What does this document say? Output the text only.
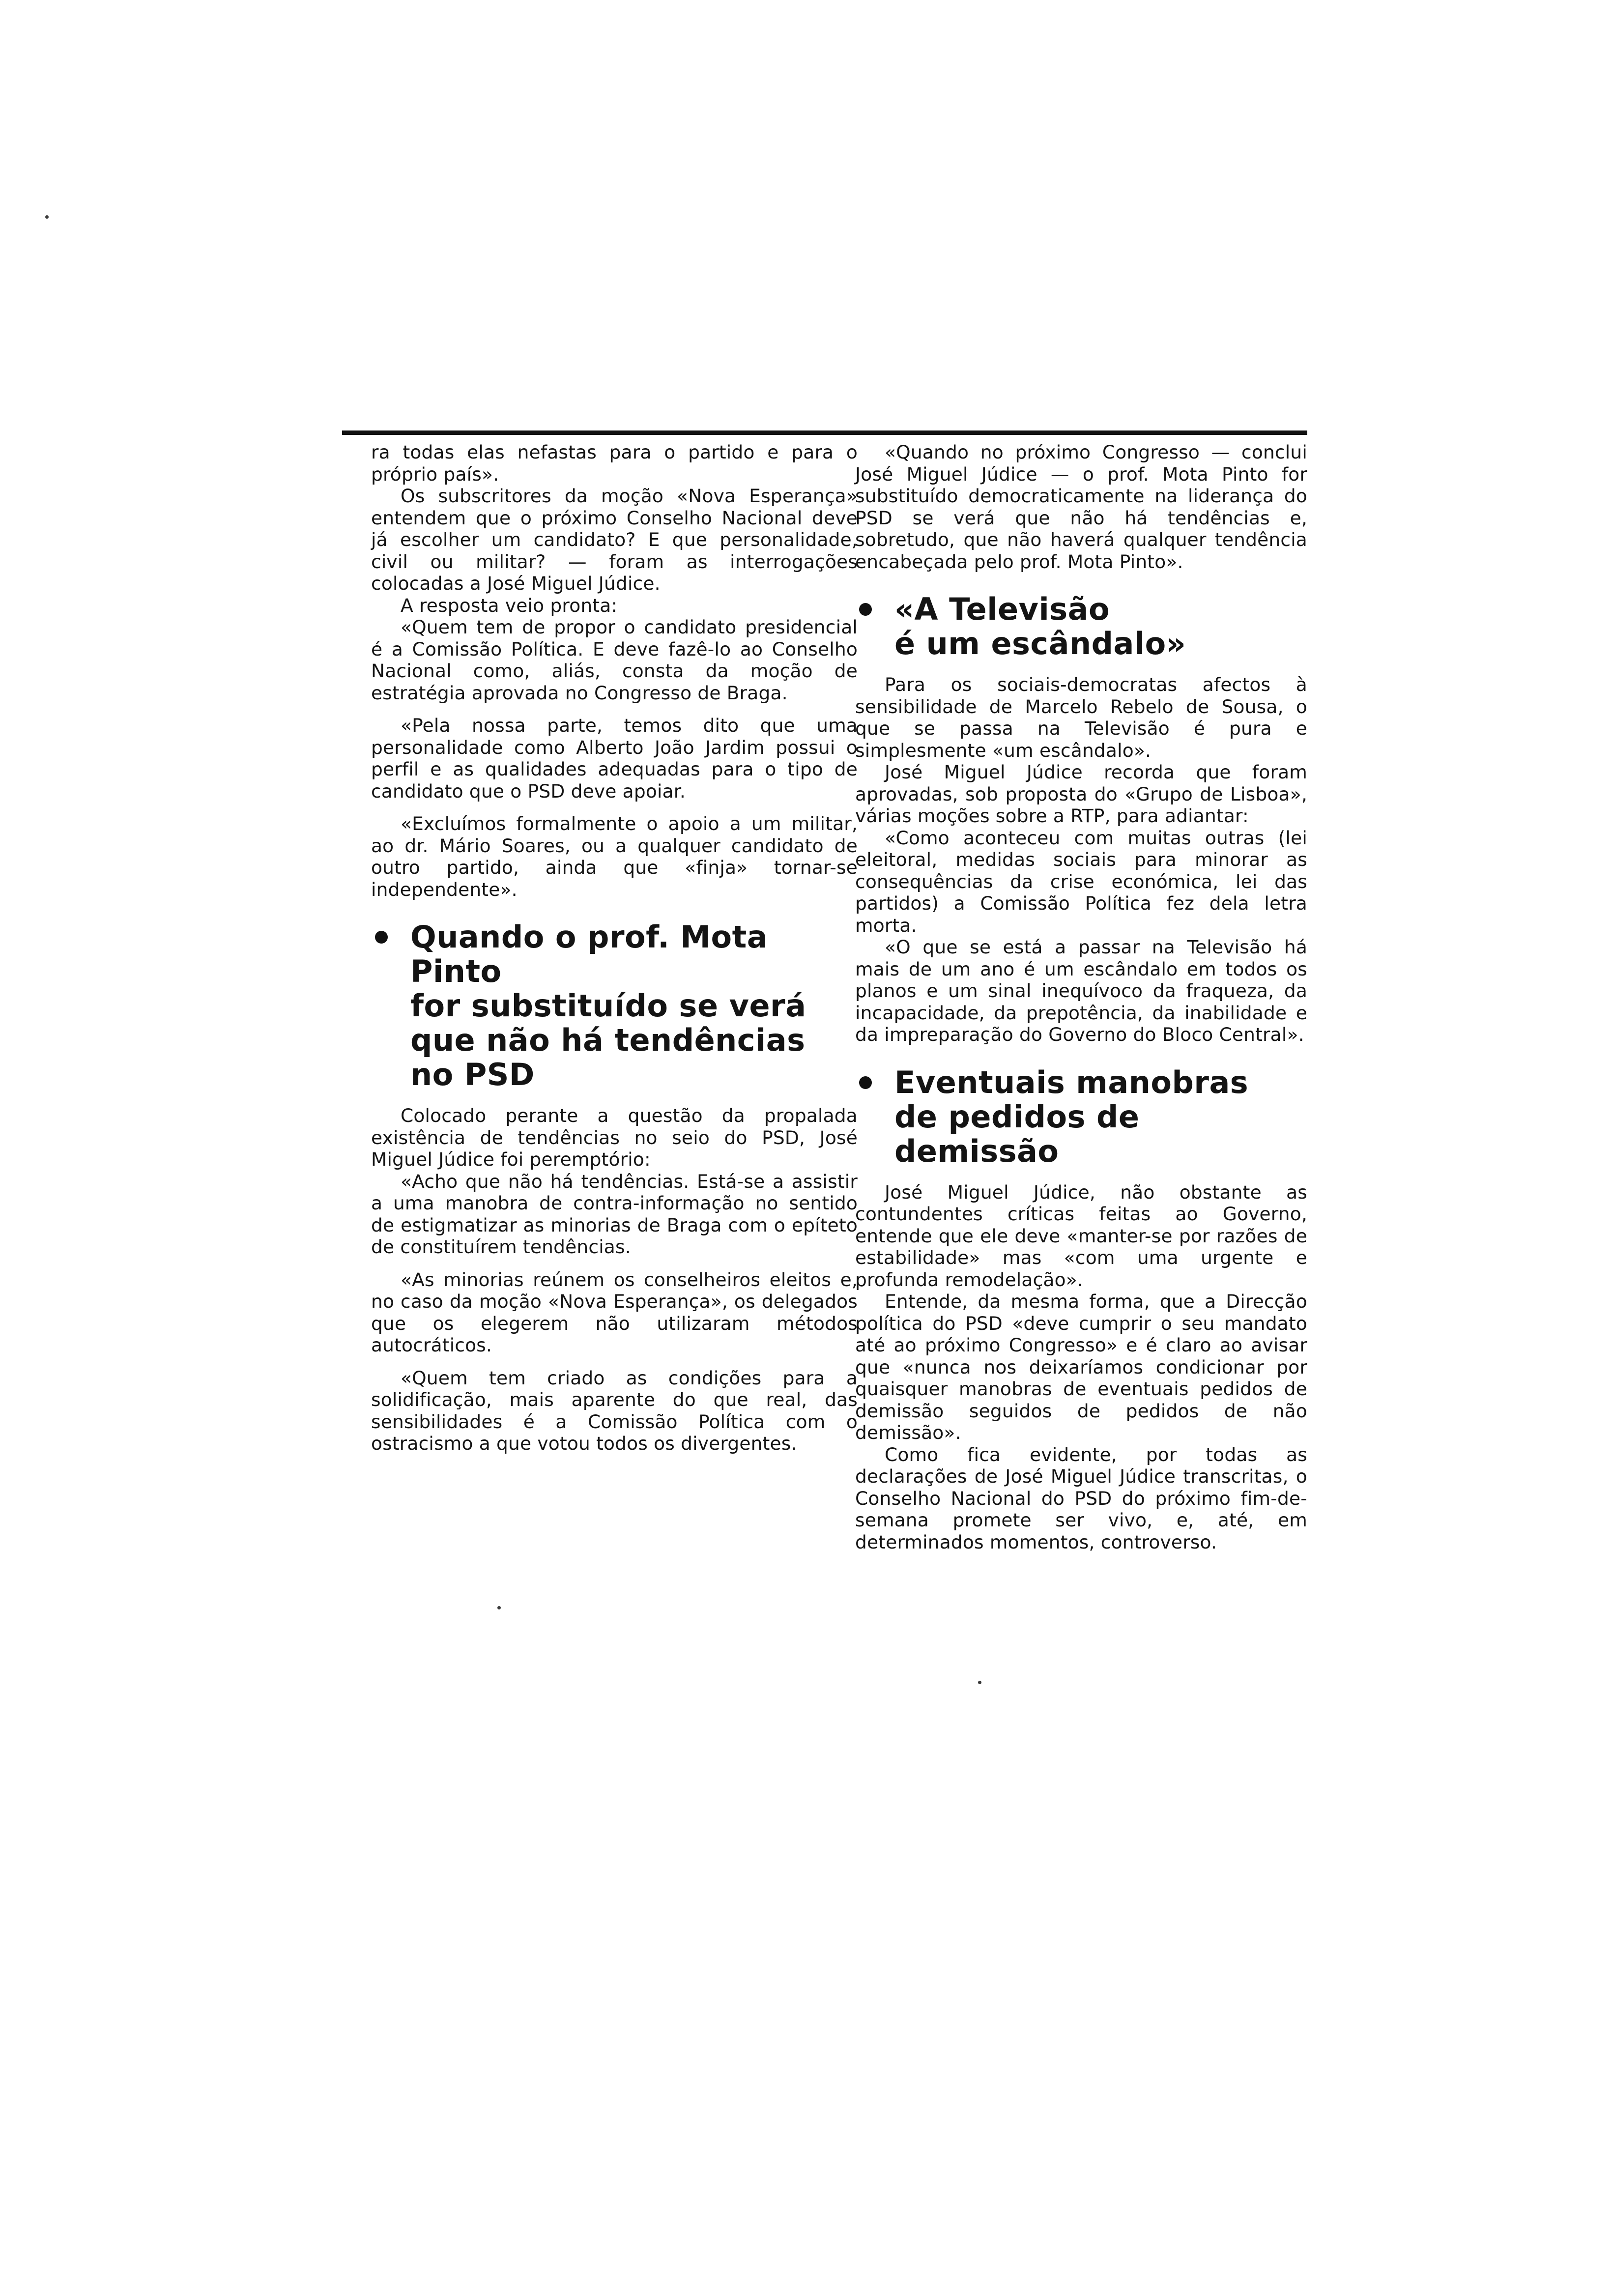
ra todas elas nefastas para o partido e para o próprio país».

Os subscritores da moção «Nova Esperança» entendem que o próximo Conselho Nacional deve já escolher um candidato? E que personalidade, civil ou militar? — foram as interrogações colocadas a José Miguel Júdice.

A resposta veio pronta:

«Quem tem de propor o candidato presidencial é a Comissão Política. E deve fazê-lo ao Conselho Nacional como, aliás, consta da moção de estratégia aprovada no Congresso de Braga.

«Pela nossa parte, temos dito que uma personalidade como Alberto João Jardim possui o perfil e as qualidades adequadas para o tipo de candidato que o PSD deve apoiar.

«Excluímos formalmente o apoio a um militar, ao dr. Mário Soares, ou a qualquer candidato de outro partido, ainda que «finja» tornar-se independente».

Quando o prof. Mota Pinto
for substituído se verá
que não há tendências
no PSD

Colocado perante a questão da propalada existência de tendências no seio do PSD, José Miguel Júdice foi peremptório:

«Acho que não há tendências. Está-se a assistir a uma manobra de contra-informação no sentido de estigmatizar as minorias de Braga com o epíteto de constituírem tendências.

«As minorias reúnem os conselheiros eleitos e, no caso da moção «Nova Esperança», os delegados que os elegerem não utilizaram métodos autocráticos.

«Quem tem criado as condições para a solidificação, mais aparente do que real, das sensibilidades é a Comissão Política com o ostracismo a que votou todos os divergentes.

«Quando no próximo Congresso — conclui José Miguel Júdice — o prof. Mota Pinto for substituído democraticamente na liderança do PSD se verá que não há tendências e, sobretudo, que não haverá qualquer tendência encabeçada pelo prof. Mota Pinto».

«A Televisão
é um escândalo»

Para os sociais-democratas afectos à sensibilidade de Marcelo Rebelo de Sousa, o que se passa na Televisão é pura e simplesmente «um escândalo».

José Miguel Júdice recorda que foram aprovadas, sob proposta do «Grupo de Lisboa», várias moções sobre a RTP, para adiantar:

«Como aconteceu com muitas outras (lei eleitoral, medidas sociais para minorar as consequências da crise económica, lei das partidos) a Comissão Política fez dela letra morta.

«O que se está a passar na Televisão há mais de um ano é um escândalo em todos os planos e um sinal inequívoco da fraqueza, da incapacidade, da prepotência, da inabilidade e da impreparação do Governo do Bloco Central».

Eventuais manobras
de pedidos de demissão

José Miguel Júdice, não obstante as contundentes críticas feitas ao Governo, entende que ele deve «manter-se por razões de estabilidade» mas «com uma urgente e profunda remodelação».

Entende, da mesma forma, que a Direcção política do PSD «deve cumprir o seu mandato até ao próximo Congresso» e é claro ao avisar que «nunca nos deixaríamos condicionar por quaisquer manobras de eventuais pedidos de demissão seguidos de pedidos de não demissão».

Como fica evidente, por todas as declarações de José Miguel Júdice transcritas, o Conselho Nacional do PSD do próximo fim-de-semana promete ser vivo, e, até, em determinados momentos, controverso.
